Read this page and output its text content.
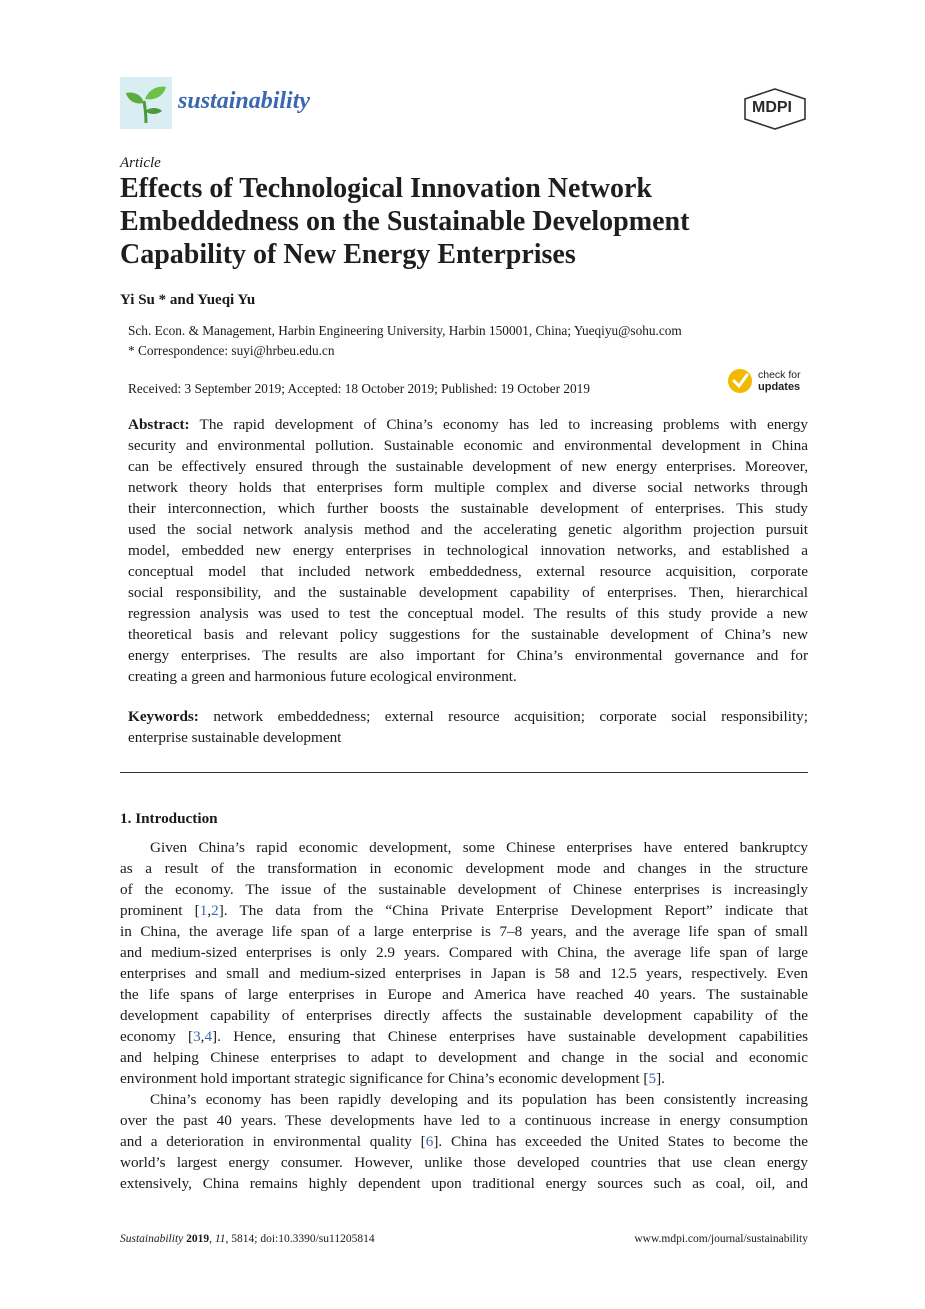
sustainability	MDPI
Article
Effects of Technological Innovation Network
Embeddedness on the Sustainable Development
Capability of New Energy Enterprises
Yi Su * and Yueqi Yu
Sch. Econ. & Management, Harbin Engineering University, Harbin 150001, China; Yueqiyu@sohu.com
* Correspondence: suyi@hrbeu.edu.cn
Received: 3 September 2019; Accepted: 18 October 2019; Published: 19 October 2019
check for
updates
Abstract: The rapid development of China’s economy has led to increasing problems with energy
security and environmental pollution. Sustainable economic and environmental development in China
can be effectively ensured through the sustainable development of new energy enterprises. Moreover,
network theory holds that enterprises form multiple complex and diverse social networks through
their interconnection, which further boosts the sustainable development of enterprises. This study
used the social network analysis method and the accelerating genetic algorithm projection pursuit
model, embedded new energy enterprises in technological innovation networks, and established a
conceptual model that included network embeddedness, external resource acquisition, corporate
social responsibility, and the sustainable development capability of enterprises. Then, hierarchical
regression analysis was used to test the conceptual model. The results of this study provide a new
theoretical basis and relevant policy suggestions for the sustainable development of China’s new
energy enterprises. The results are also important for China’s environmental governance and for
creating a green and harmonious future ecological environment.
Keywords: network embeddedness; external resource acquisition; corporate social responsibility;
enterprise sustainable development
1. Introduction
Given China’s rapid economic development, some Chinese enterprises have entered bankruptcy
as a result of the transformation in economic development mode and changes in the structure
of the economy. The issue of the sustainable development of Chinese enterprises is increasingly
prominent [1,2]. The data from the “China Private Enterprise Development Report” indicate that
in China, the average life span of a large enterprise is 7–8 years, and the average life span of small
and medium-sized enterprises is only 2.9 years. Compared with China, the average life span of large
enterprises and small and medium-sized enterprises in Japan is 58 and 12.5 years, respectively. Even
the life spans of large enterprises in Europe and America have reached 40 years. The sustainable
development capability of enterprises directly affects the sustainable development capability of the
economy [3,4]. Hence, ensuring that Chinese enterprises have sustainable development capabilities
and helping Chinese enterprises to adapt to development and change in the social and economic
environment hold important strategic significance for China’s economic development [5].
China’s economy has been rapidly developing and its population has been consistently increasing
over the past 40 years. These developments have led to a continuous increase in energy consumption
and a deterioration in environmental quality [6]. China has exceeded the United States to become the
world’s largest energy consumer. However, unlike those developed countries that use clean energy
extensively, China remains highly dependent upon traditional energy sources such as coal, oil, and
Sustainability 2019, 11, 5814; doi:10.3390/su11205814	www.mdpi.com/journal/sustainability
